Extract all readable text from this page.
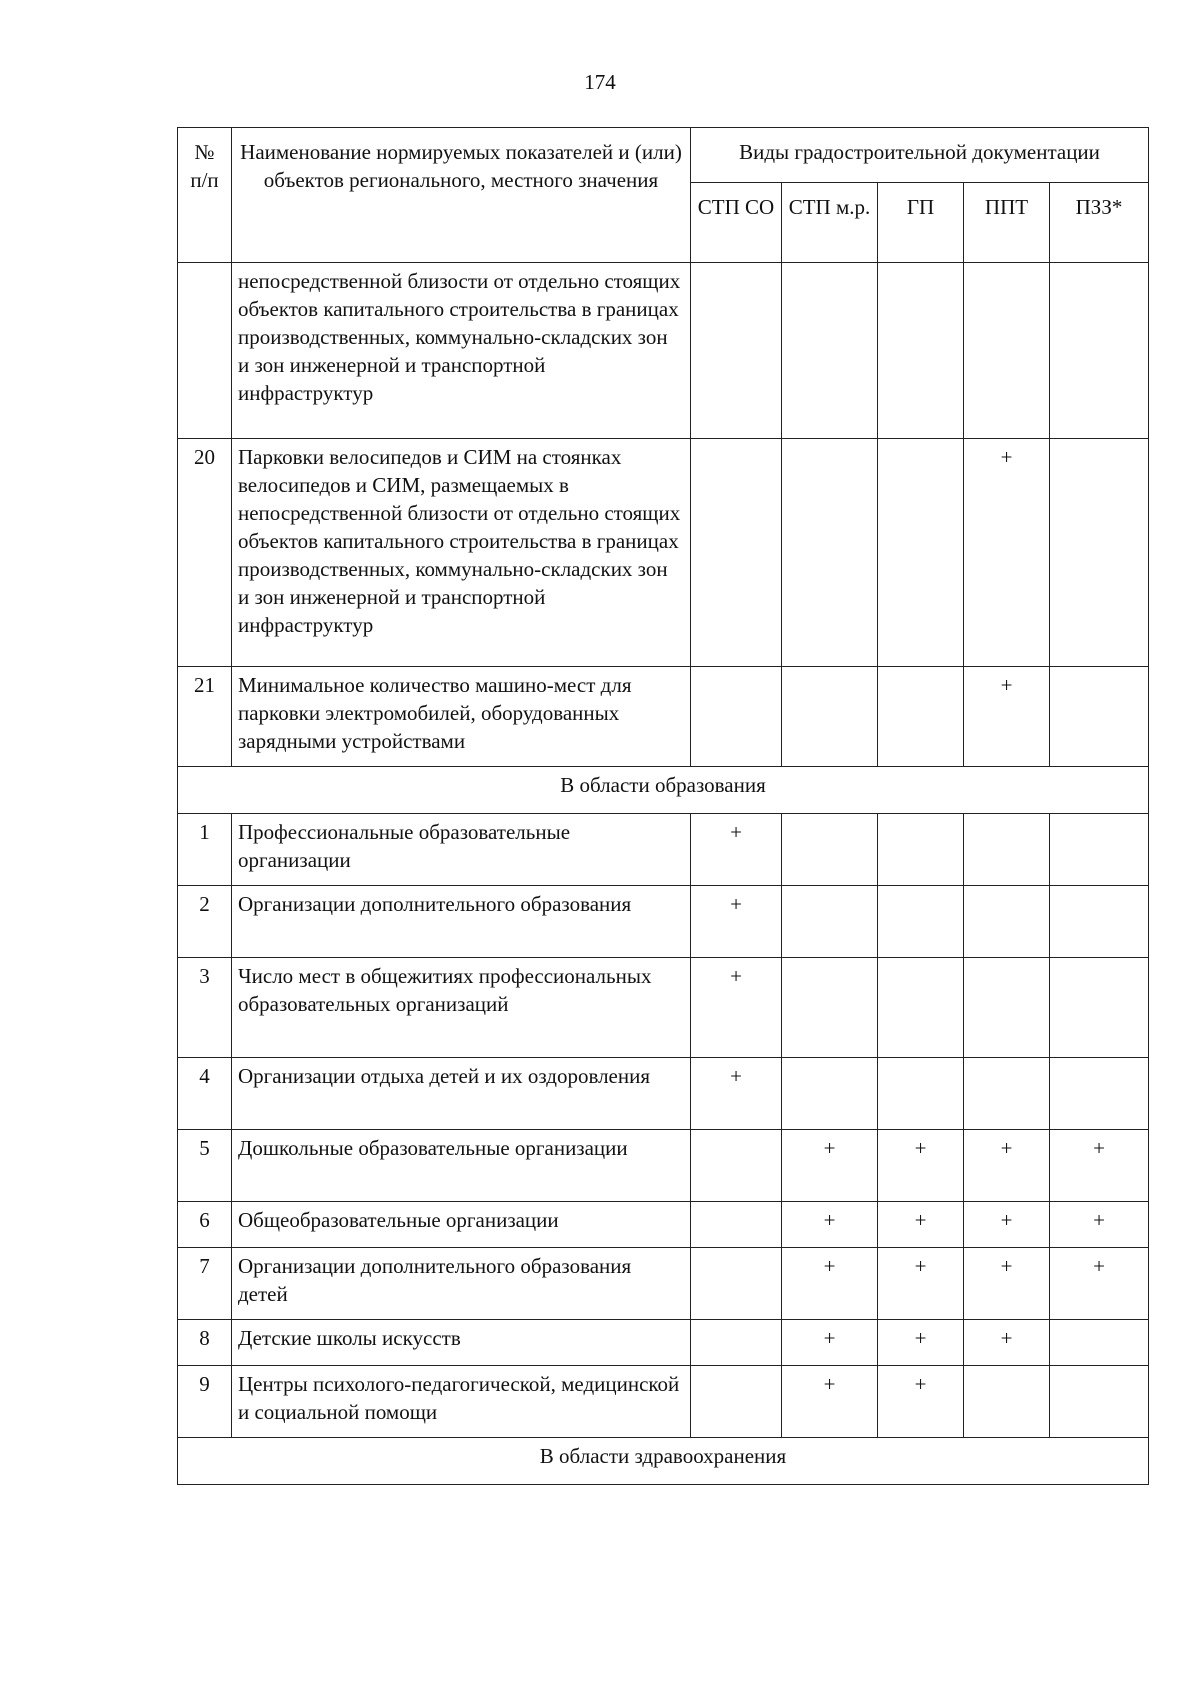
174
№ п/п	Наименование нормируемых показателей и (или) объектов регионального, местного значения	Виды градостроительной документации				
		СТП СО	СТП м.р.	ГП	ППТ	ПЗЗ*
	непосредственной близости от отдельно стоящих объектов капитального строительства в границах производственных, коммунально-складских зон и зон инженерной и транспортной инфраструктур					
20	Парковки велосипедов и СИМ на стоянках велосипедов и СИМ, размещаемых в непосредственной близости от отдельно стоящих объектов капитального строительства в границах производственных, коммунально-складских зон и зон инженерной и транспортной инфраструктур				+	
21	Минимальное количество машино-мест для парковки электромобилей, оборудованных зарядными устройствами				+	
В области образования						
1	Профессиональные образовательные организации	+				
2	Организации дополнительного образования	+				
3	Число мест в общежитиях профессиональных образовательных организаций	+				
4	Организации отдыха детей и их оздоровления	+				
5	Дошкольные образовательные организации		+	+	+	+
6	Общеобразовательные организации		+	+	+	+
7	Организации дополнительного образования детей		+	+	+	+
8	Детские школы искусств		+	+	+	
9	Центры психолого-педагогической, медицинской и социальной помощи		+	+		
В области здравоохранения						
